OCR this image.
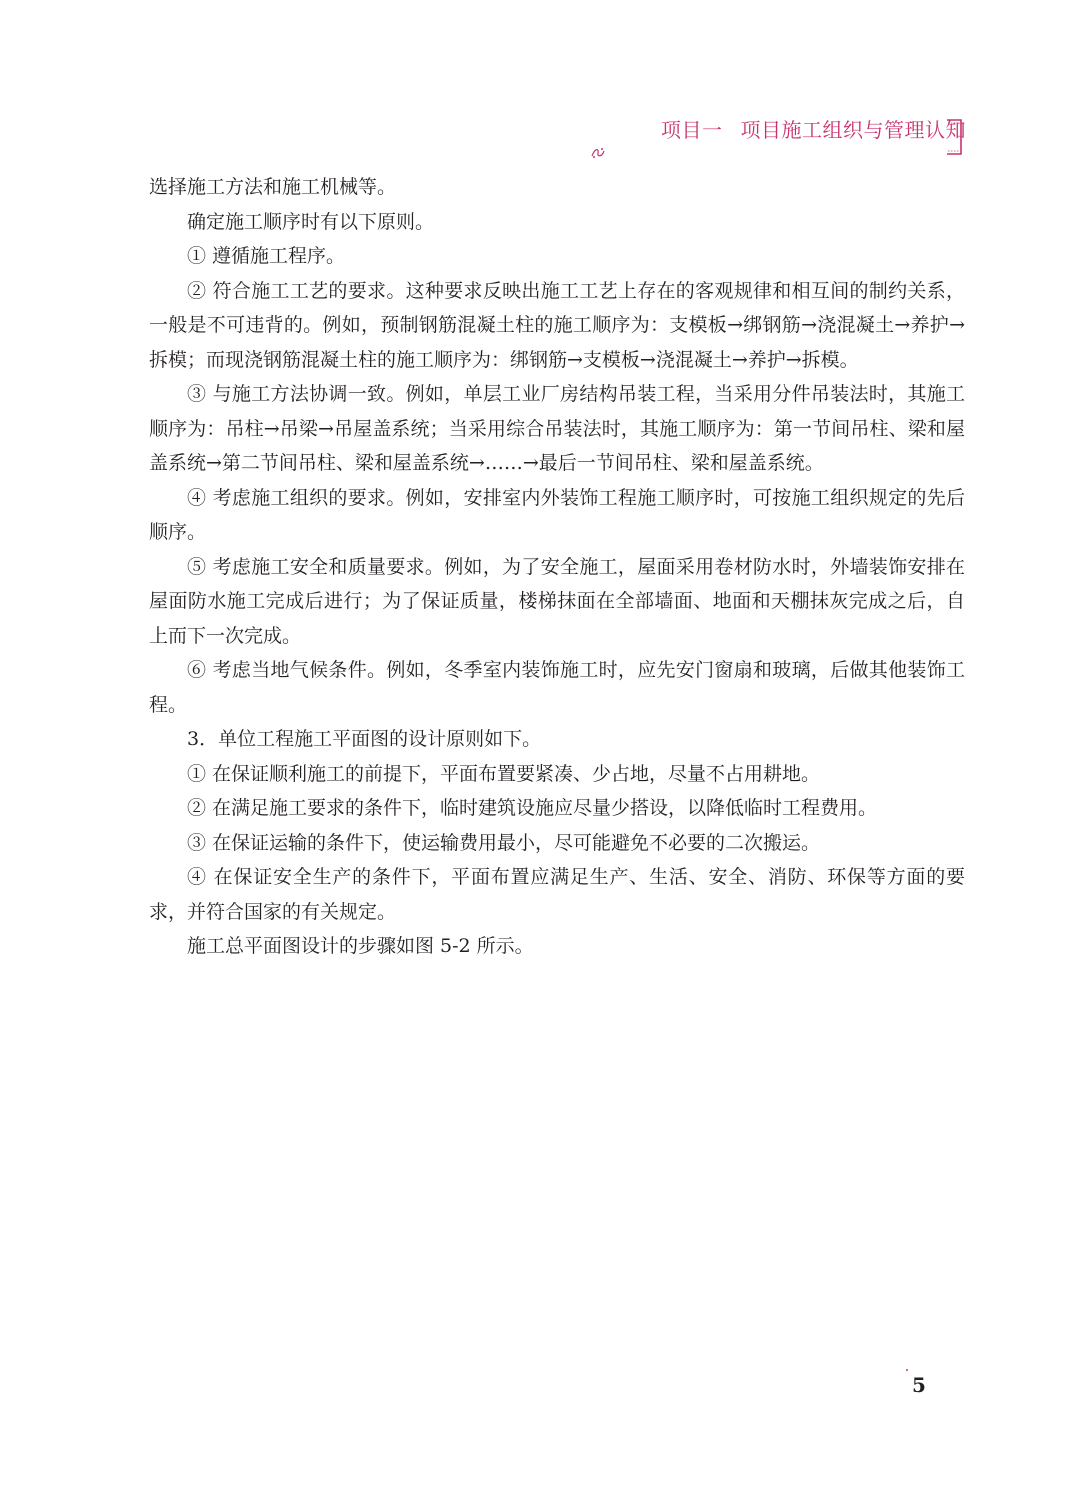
项目一 项目施工组织与管理认知

选择施工方法和施工机械等。

确定施工顺序时有以下原则。

① 遵循施工程序。

② 符合施工工艺的要求。这种要求反映出施工工艺上存在的客观规律和相互间的制约关系，一般是不可违背的。例如，预制钢筋混凝土柱的施工顺序为：支模板→绑钢筋→浇混凝土→养护→拆模；而现浇钢筋混凝土柱的施工顺序为：绑钢筋→支模板→浇混凝土→养护→拆模。

③ 与施工方法协调一致。例如，单层工业厂房结构吊装工程，当采用分件吊装法时，其施工顺序为：吊柱→吊梁→吊屋盖系统；当采用综合吊装法时，其施工顺序为：第一节间吊柱、梁和屋盖系统→第二节间吊柱、梁和屋盖系统→……→最后一节间吊柱、梁和屋盖系统。

④ 考虑施工组织的要求。例如，安排室内外装饰工程施工顺序时，可按施工组织规定的先后顺序。

⑤ 考虑施工安全和质量要求。例如，为了安全施工，屋面采用卷材防水时，外墙装饰安排在屋面防水施工完成后进行；为了保证质量，楼梯抹面在全部墙面、地面和天棚抹灰完成之后，自上而下一次完成。

⑥ 考虑当地气候条件。例如，冬季室内装饰施工时，应先安门窗扇和玻璃，后做其他装饰工程。

3．单位工程施工平面图的设计原则如下。

① 在保证顺利施工的前提下，平面布置要紧凑、少占地，尽量不占用耕地。

② 在满足施工要求的条件下，临时建筑设施应尽量少搭设，以降低临时工程费用。

③ 在保证运输的条件下，使运输费用最小，尽可能避免不必要的二次搬运。

④ 在保证安全生产的条件下，平面布置应满足生产、生活、安全、消防、环保等方面的要求，并符合国家的有关规定。

施工总平面图设计的步骤如图 5-2 所示。

5
